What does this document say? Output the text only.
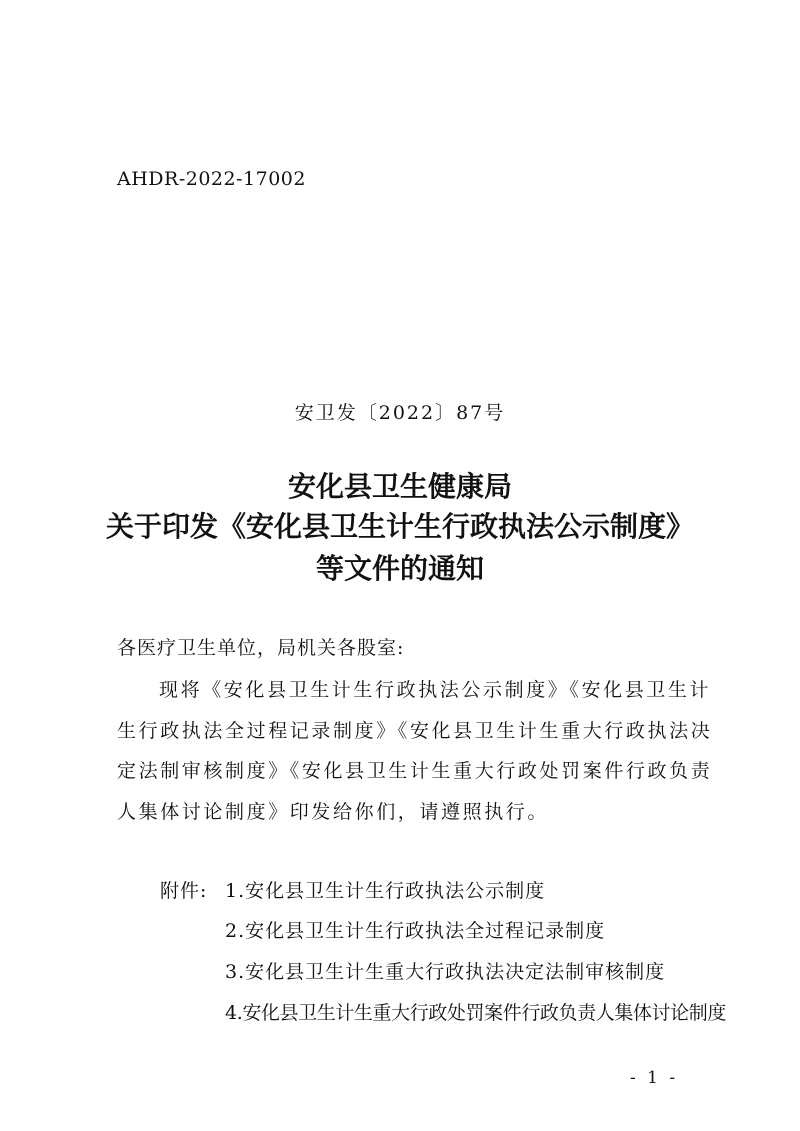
AHDR-2022-17002
安卫发〔2022〕87号
安化县卫生健康局
关于印发《安化县卫生计生行政执法公示制度》
等文件的通知
各医疗卫生单位，局机关各股室:

现将《安化县卫生计生行政执法公示制度》《安化县卫生计生行政执法全过程记录制度》《安化县卫生计生重大行政执法决定法制审核制度》《安化县卫生计生重大行政处罚案件行政负责人集体讨论制度》印发给你们，请遵照执行。

附件: 1.安化县卫生计生行政执法公示制度
2.安化县卫生计生行政执法全过程记录制度
3.安化县卫生计生重大行政执法决定法制审核制度
4.安化县卫生计生重大行政处罚案件行政负责人集体讨论制度
- 1 -
